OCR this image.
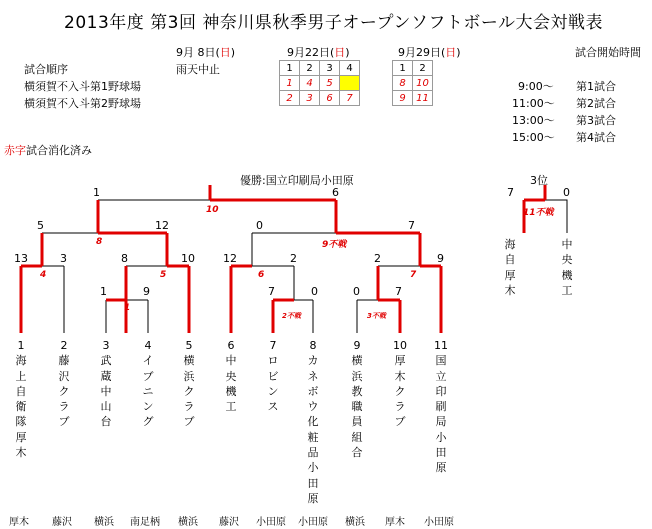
2013年度 第3回 神奈川県秋季男子オープンソフトボール大会対戦表
試合順序
横須賀不入斗第1野球場
横須賀不入斗第2野球場
9月 8日(日)
雨天中止
9月22日(日)
1	2	3	4
1	4	5	
2	3	6	7
9月29日(日)
1	2
8	10
9	11
試合開始時間
9:00～ 第1試合
11:00～ 第2試合
13:00～ 第3試合
15:00～ 第4試合
赤字試合消化済み
優勝:国立印刷局小田原	3位
1	9	7	0	0	7
13	3	8	10	12	2	2	9
5	12	0	7
1	6	7	0
1
2不戦	3不戦
4	5	6	7
8	9不戦
10	11不戦
1
海上自衛隊厚木
2
藤沢クラブ
3
武蔵中山台
4
イブニング
5
横浜クラブ
6
中央機工
7
ロビンス
8
カネボウ化粧品小田原
9
横浜教職員組合
10
厚木クラブ
11
国立印刷局小田原
海自厚木
中央機工
厚木 藤沢 横浜 南足柄 横浜 藤沢 小田原 小田原 横浜 厚木 小田原
